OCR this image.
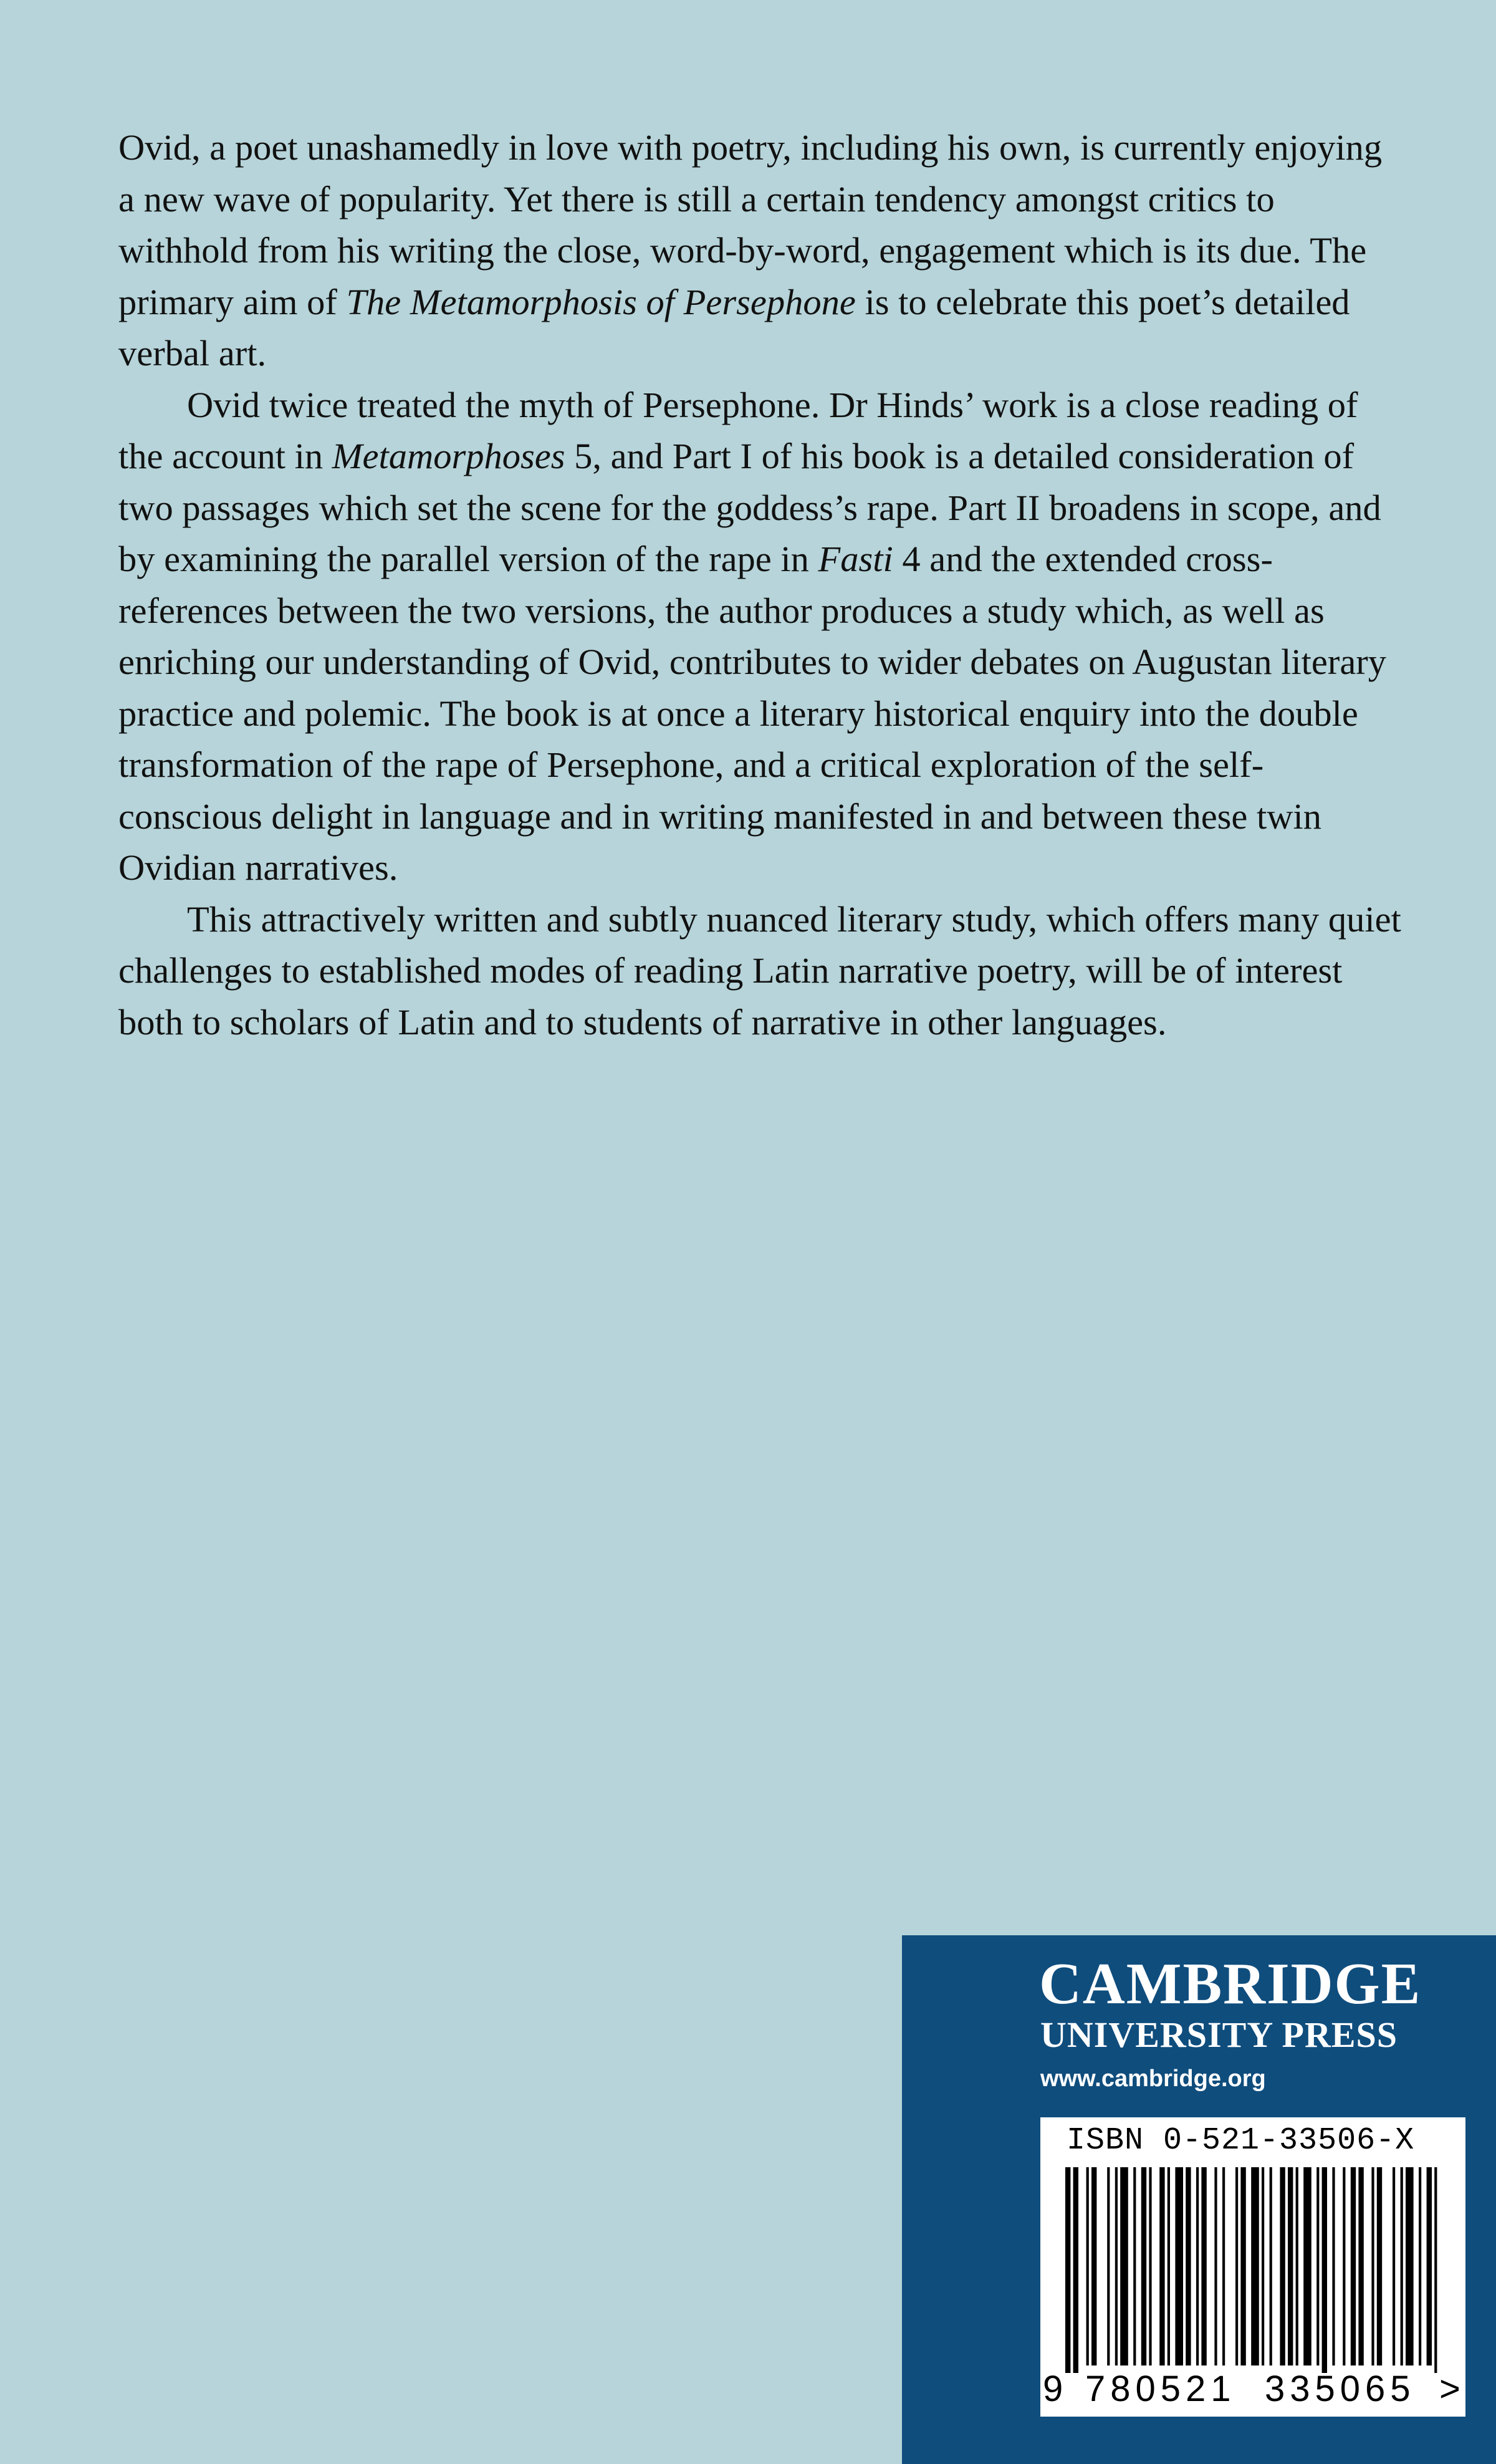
Ovid, a poet unashamedly in love with poetry, including his own, is currently enjoying a new wave of popularity. Yet there is still a certain tendency amongst critics to withhold from his writing the close, word-by-word, engagement which is its due. The primary aim of The Metamorphosis of Persephone is to celebrate this poet’s detailed verbal art.

Ovid twice treated the myth of Persephone. Dr Hinds’ work is a close reading of the account in Metamorphoses 5, and Part I of his book is a detailed consideration of two passages which set the scene for the goddess’s rape. Part II broadens in scope, and by examining the parallel version of the rape in Fasti 4 and the extended cross-references between the two versions, the author produces a study which, as well as enriching our understanding of Ovid, contributes to wider debates on Augustan literary practice and polemic. The book is at once a literary historical enquiry into the double transformation of the rape of Persephone, and a critical exploration of the self-conscious delight in language and in writing manifested in and between these twin Ovidian narratives.

This attractively written and subtly nuanced literary study, which offers many quiet challenges to established modes of reading Latin narrative poetry, will be of interest both to scholars of Latin and to students of narrative in other languages.

CAMBRIDGE
UNIVERSITY PRESS
www.cambridge.org
ISBN 0-521-33506-X
9 780521 335065 >
